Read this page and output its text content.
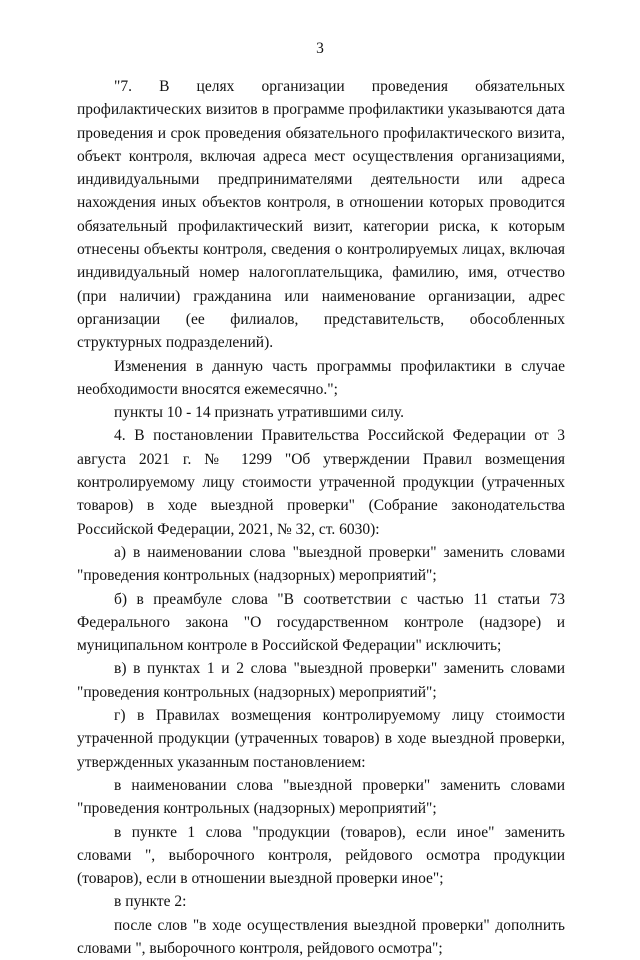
3

"7. В целях организации проведения обязательных профилактических визитов в программе профилактики указываются дата проведения и срок проведения обязательного профилактического визита, объект контроля, включая адреса мест осуществления организациями, индивидуальными предпринимателями деятельности или адреса нахождения иных объектов контроля, в отношении которых проводится обязательный профилактический визит, категории риска, к которым отнесены объекты контроля, сведения о контролируемых лицах, включая индивидуальный номер налогоплательщика, фамилию, имя, отчество (при наличии) гражданина или наименование организации, адрес организации (ее филиалов, представительств, обособленных структурных подразделений).

Изменения в данную часть программы профилактики в случае необходимости вносятся ежемесячно.";

пункты 10 - 14 признать утратившими силу.

4. В постановлении Правительства Российской Федерации от 3 августа 2021 г. № 1299 "Об утверждении Правил возмещения контролируемому лицу стоимости утраченной продукции (утраченных товаров) в ходе выездной проверки" (Собрание законодательства Российской Федерации, 2021, № 32, ст. 6030):

а) в наименовании слова "выездной проверки" заменить словами "проведения контрольных (надзорных) мероприятий";

б) в преамбуле слова "В соответствии с частью 11 статьи 73 Федерального закона "О государственном контроле (надзоре) и муниципальном контроле в Российской Федерации" исключить;

в) в пунктах 1 и 2 слова "выездной проверки" заменить словами "проведения контрольных (надзорных) мероприятий";

г) в Правилах возмещения контролируемому лицу стоимости утраченной продукции (утраченных товаров) в ходе выездной проверки, утвержденных указанным постановлением:

в наименовании слова "выездной проверки" заменить словами "проведения контрольных (надзорных) мероприятий";

в пункте 1 слова "продукции (товаров), если иное" заменить словами ", выборочного контроля, рейдового осмотра продукции (товаров), если в отношении выездной проверки иное";

в пункте 2:

после слов "в ходе осуществления выездной проверки" дополнить словами ", выборочного контроля, рейдового осмотра";
